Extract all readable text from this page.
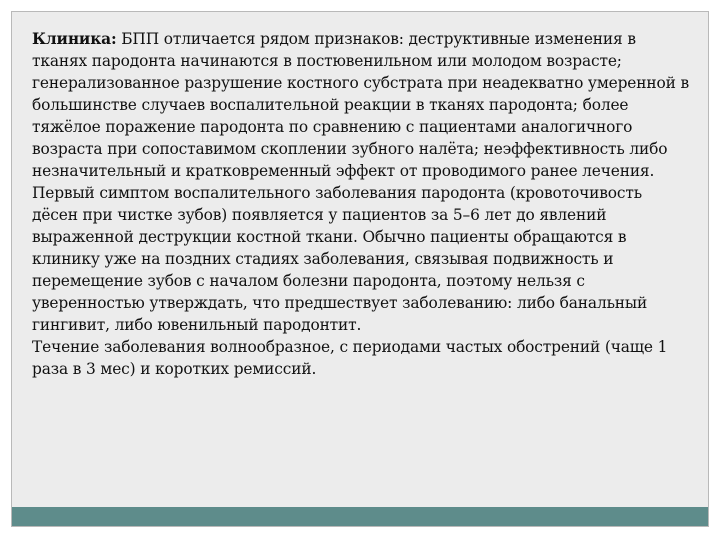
Клиника: БПП отличается рядом признаков: деструктивные изменения в тканях пародонта начинаются в постювенильном или молодом возрасте; генерализованное разрушение костного субстрата при неадекватно умеренной в большинстве случаев воспалительной реакции в тканях пародонта; более тяжёлое поражение пародонта по сравнению с пациентами аналогичного возраста при сопоставимом скоплении зубного налёта; неэффективность либо незначительный и кратковременный эффект от проводимого ранее лечения. Первый симптом воспалительного заболевания пародонта (кровоточивость дёсен при чистке зубов) появляется у пациентов за 5–6 лет до явлений выраженной деструкции костной ткани. Обычно пациенты обращаются в клинику уже на поздних стадиях заболевания, связывая подвижность и перемещение зубов с началом болезни пародонта, поэтому нельзя с уверенностью утверждать, что предшествует заболеванию: либо банальный гингивит, либо ювенильный пародонтит.

Течение заболевания волнообразное, с периодами частых обострений (чаще 1 раза в 3 мес) и коротких ремиссий.
